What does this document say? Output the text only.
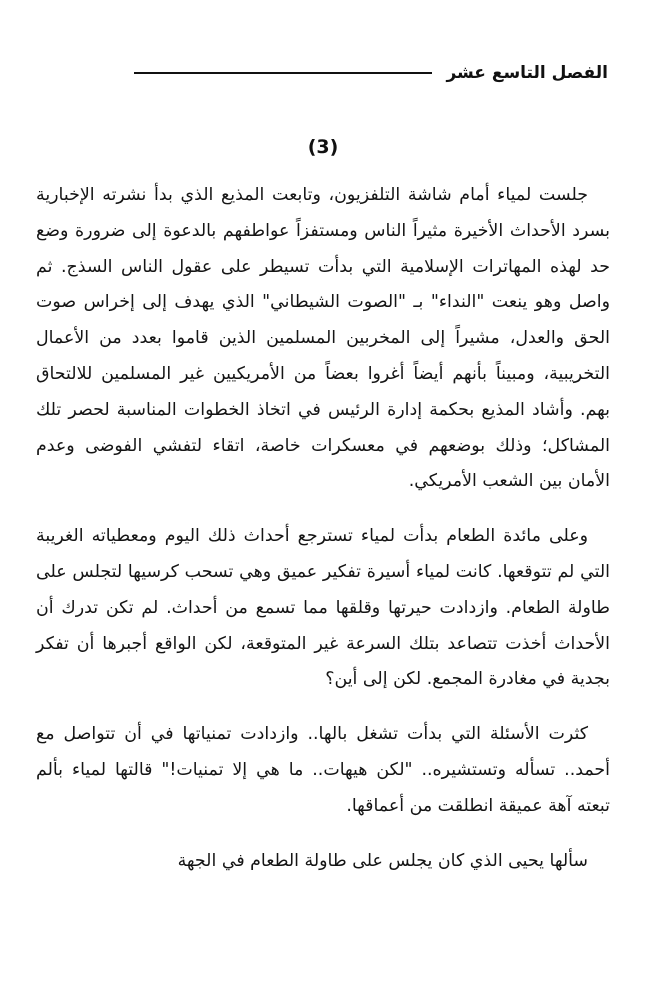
الفصل التاسع عشر
(3)

جلست لمياء أمام شاشة التلفزيون، وتابعت المذيع الذي بدأ نشرته الإخبارية بسرد الأحداث الأخيرة مثيراً الناس ومستفزاً عواطفهم بالدعوة إلى ضرورة وضع حد لهذه المهاترات الإسلامية التي بدأت تسيطر على عقول الناس السذج. ثم واصل وهو ينعت "النداء" بـ "الصوت الشيطاني" الذي يهدف إلى إخراس صوت الحق والعدل، مشيراً إلى المخربين المسلمين الذين قاموا بعدد من الأعمال التخريبية، ومبيناً بأنهم أيضاً أغروا بعضاً من الأمريكيين غير المسلمين للالتحاق بهم. وأشاد المذيع بحكمة إدارة الرئيس في اتخاذ الخطوات المناسبة لحصر تلك المشاكل؛ وذلك بوضعهم في معسكرات خاصة، اتقاء لتفشي الفوضى وعدم الأمان بين الشعب الأمريكي.

وعلى مائدة الطعام بدأت لمياء تسترجع أحداث ذلك اليوم ومعطياته الغريبة التي لم تتوقعها. كانت لمياء أسيرة تفكير عميق وهي تسحب كرسيها لتجلس على طاولة الطعام. وازدادت حيرتها وقلقها مما تسمع من أحداث. لم تكن تدرك أن الأحداث أخذت تتصاعد بتلك السرعة غير المتوقعة، لكن الواقع أجبرها أن تفكر بجدية في مغادرة المجمع. لكن إلى أين؟

كثرت الأسئلة التي بدأت تشغل بالها.. وازدادت تمنياتها في أن تتواصل مع أحمد.. تسأله وتستشيره.. "لكن هيهات.. ما هي إلا تمنيات!" قالتها لمياء بألم تبعته آهة عميقة انطلقت من أعماقها.

سألها يحيى الذي كان يجلس على طاولة الطعام في الجهة
